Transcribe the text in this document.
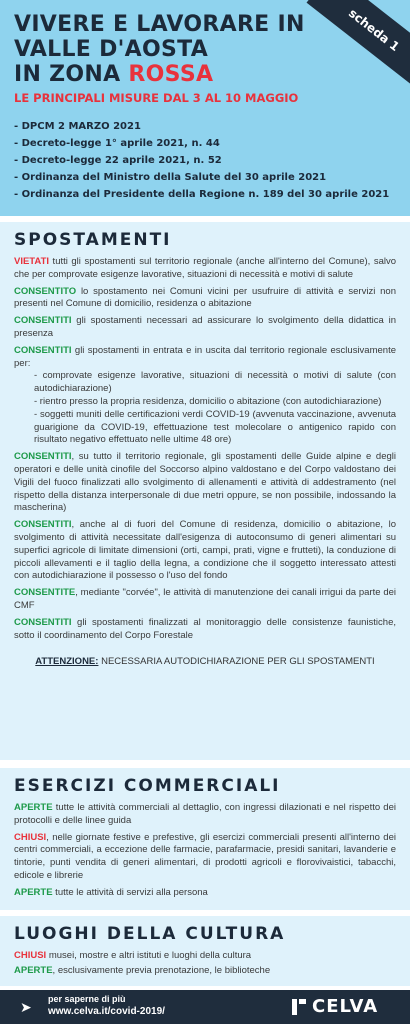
scheda 1
VIVERE E LAVORARE IN
VALLE D'AOSTA
IN ZONA ROSSA
LE PRINCIPALI MISURE DAL 3 AL 10 MAGGIO
- DPCM 2 MARZO 2021
- Decreto-legge 1° aprile 2021, n. 44
- Decreto-legge 22 aprile 2021, n. 52
- Ordinanza del Ministro della Salute del 30 aprile 2021
- Ordinanza del Presidente della Regione n. 189 del 30 aprile 2021
SPOSTAMENTI
VIETATI tutti gli spostamenti sul territorio regionale (anche all'interno del Comune), salvo che per comprovate esigenze lavorative, situazioni di necessità e motivi di salute
CONSENTITO lo spostamento nei Comuni vicini per usufruire di attività e servizi non presenti nel Comune di domicilio, residenza o abitazione
CONSENTITI gli spostamenti necessari ad assicurare lo svolgimento della didattica in presenza
CONSENTITI gli spostamenti in entrata e in uscita dal territorio regionale esclusivamente per:
- comprovate esigenze lavorative, situazioni di necessità o motivi di salute (con autodichiarazione)
- rientro presso la propria residenza, domicilio o abitazione (con autodichiarazione)
- soggetti muniti delle certificazioni verdi COVID-19 (avvenuta vaccinazione, avvenuta guarigione da COVID-19, effettuazione test molecolare o antigenico rapido con risultato negativo effettuato nelle ultime 48 ore)
CONSENTITI, su tutto il territorio regionale, gli spostamenti delle Guide alpine e degli operatori e delle unità cinofile del Soccorso alpino valdostano e del Corpo valdostano dei Vigili del fuoco finalizzati allo svolgimento di allenamenti e attività di addestramento (nel rispetto della distanza interpersonale di due metri oppure, se non possibile, indossando la mascherina)
CONSENTITI, anche al di fuori del Comune di residenza, domicilio o abitazione, lo svolgimento di attività necessitate dall'esigenza di autoconsumo di generi alimentari su superfici agricole di limitate dimensioni (orti, campi, prati, vigne e frutteti), la conduzione di piccoli allevamenti e il taglio della legna, a condizione che il soggetto interessato attesti con autodichiarazione il possesso o l'uso del fondo
CONSENTITE, mediante "corvée", le attività di manutenzione dei canali irrigui da parte dei CMF
CONSENTITI gli spostamenti finalizzati al monitoraggio delle consistenze faunistiche, sotto il coordinamento del Corpo Forestale
ATTENZIONE: NECESSARIA AUTODICHIARAZIONE PER GLI SPOSTAMENTI
ESERCIZI COMMERCIALI
APERTE tutte le attività commerciali al dettaglio, con ingressi dilazionati e nel rispetto dei protocolli e delle linee guida
CHIUSI, nelle giornate festive e prefestive, gli esercizi commerciali presenti all'interno dei centri commerciali, a eccezione delle farmacie, parafarmacie, presidi sanitari, lavanderie e tintorie, punti vendita di generi alimentari, di prodotti agricoli e florovivaistici, tabacchi, edicole e librerie
APERTE tutte le attività di servizi alla persona
LUOGHI DELLA CULTURA
CHIUSI musei, mostre e altri istituti e luoghi della cultura
APERTE, esclusivamente previa prenotazione, le biblioteche
➤ per saperne di più
www.celva.it/covid-2019/	CELVA
